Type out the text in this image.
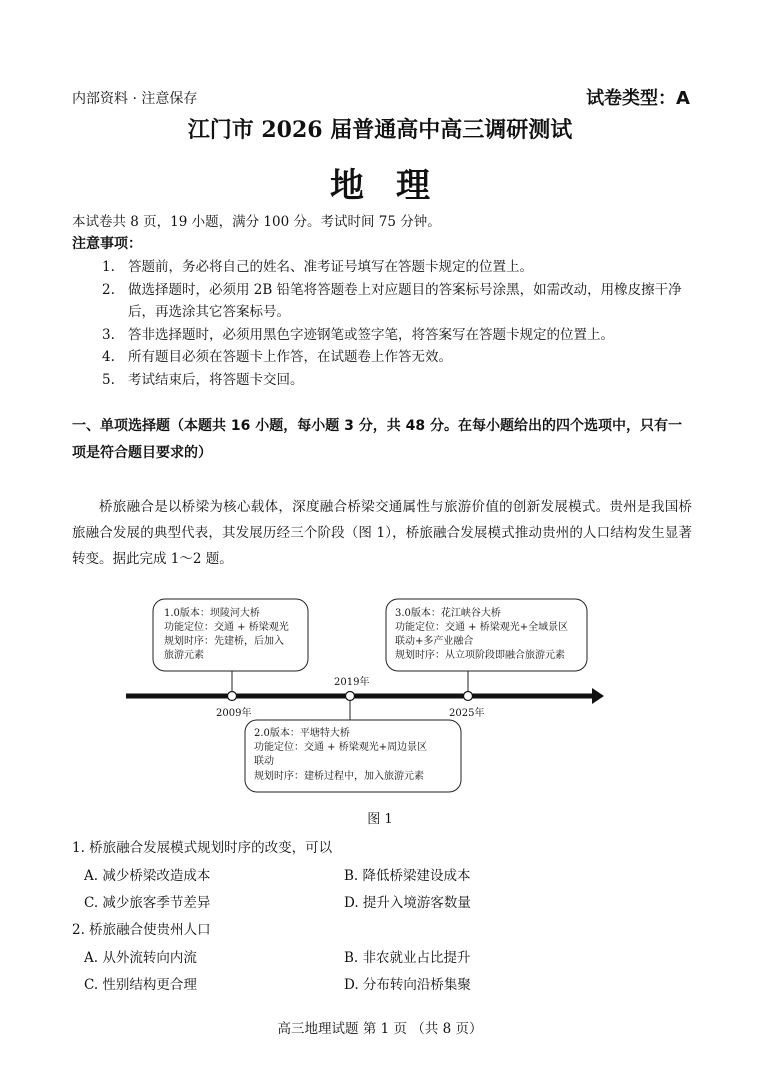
内部资料 · 注意保存	试卷类型：A
江门市 2026 届普通高中高三调研测试
地理
本试卷共 8 页，19 小题，满分 100 分。考试时间 75 分钟。
注意事项：
1. 答题前，务必将自己的姓名、准考证号填写在答题卡规定的位置上。
2. 做选择题时，必须用 2B 铅笔将答题卷上对应题目的答案标号涂黑，如需改动，用橡皮擦干净后，再选涂其它答案标号。
3. 答非选择题时，必须用黑色字迹钢笔或签字笔，将答案写在答题卡规定的位置上。
4. 所有题目必须在答题卡上作答，在试题卷上作答无效。
5. 考试结束后，将答题卡交回。
一、单项选择题（本题共 16 小题，每小题 3 分，共 48 分。在每小题给出的四个选项中，只有一项是符合题目要求的）
桥旅融合是以桥梁为核心载体，深度融合桥梁交通属性与旅游价值的创新发展模式。贵州是我国桥旅融合发展的典型代表，其发展历经三个阶段（图 1），桥旅融合发展模式推动贵州的人口结构发生显著转变。据此完成 1～2 题。
1.0版本：坝陵河大桥
功能定位：交通 + 桥梁观光
规划时序：先建桥，后加入
旅游元素
3.0版本：花江峡谷大桥
功能定位：交通 + 桥梁观光+全域景区
联动+多产业融合
规划时序：从立项阶段即融合旅游元素
2009年
2019年
2025年
2.0版本：平塘特大桥
功能定位：交通 + 桥梁观光+周边景区
联动
规划时序：建桥过程中，加入旅游元素
图 1
1. 桥旅融合发展模式规划时序的改变，可以
A. 减少桥梁改造成本	B. 降低桥梁建设成本
C. 减少旅客季节差异	D. 提升入境游客数量
2. 桥旅融合使贵州人口
A. 从外流转向内流	B. 非农就业占比提升
C. 性别结构更合理	D. 分布转向沿桥集聚
高三地理试题 第 1 页 （共 8 页）
